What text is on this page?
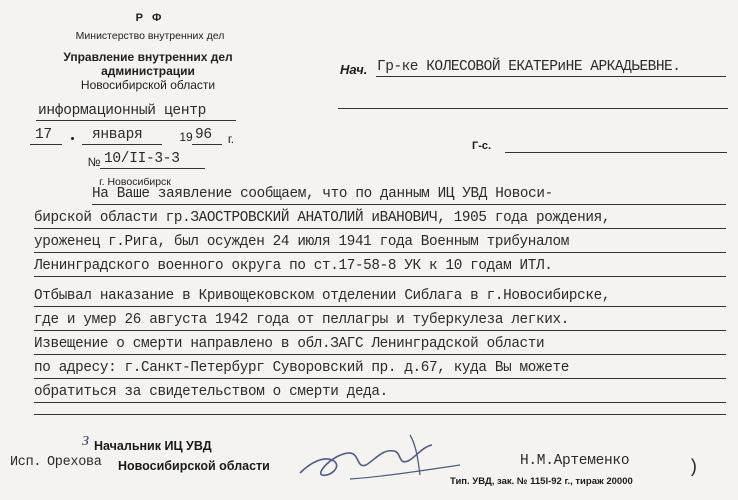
Р Ф
Министерство внутренних дел
Управление внутренних дел
администрации
Новосибирской области
информационный центр
17	января	19 96	г.
№ 10/II-3-3
г. Новосибирск
Нач. Гр-ке КОЛЕСОВОЙ ЕКАТЕРиНЕ АРКАДЬЕВНЕ.
Г-с.
На Ваше заявление сообщаем, что по данным ИЦ УВД Новоси-
бирской области гр.ЗАОСТРОВСКИЙ АНАТОЛИЙ иВАНОВИЧ, 1905 года рождения,
уроженец г.Рига, был осужден 24 июля 1941 года Военным трибуналом
Ленинградского военного округа по ст.17-58-8 УК к 10 годам ИТЛ.
Отбывал наказание в Кривощековском отделении Сиблага в г.Новосибирске,
где и умер 26 августа 1942 года от пеллагры и туберкулеза легких.
Извещение о смерти направлено в обл.ЗАГС Ленинградской области
по адресу: г.Санкт-Петербург Суворовский пр. д.67, куда Вы можете
обратиться за свидетельством о смерти деда.
З Начальник ИЦ УВД
Исп. Орехова Новосибирской области	Н.М.Артеменко	)
Тип. УВД, зак. № 115I-92 г., тираж 20000
